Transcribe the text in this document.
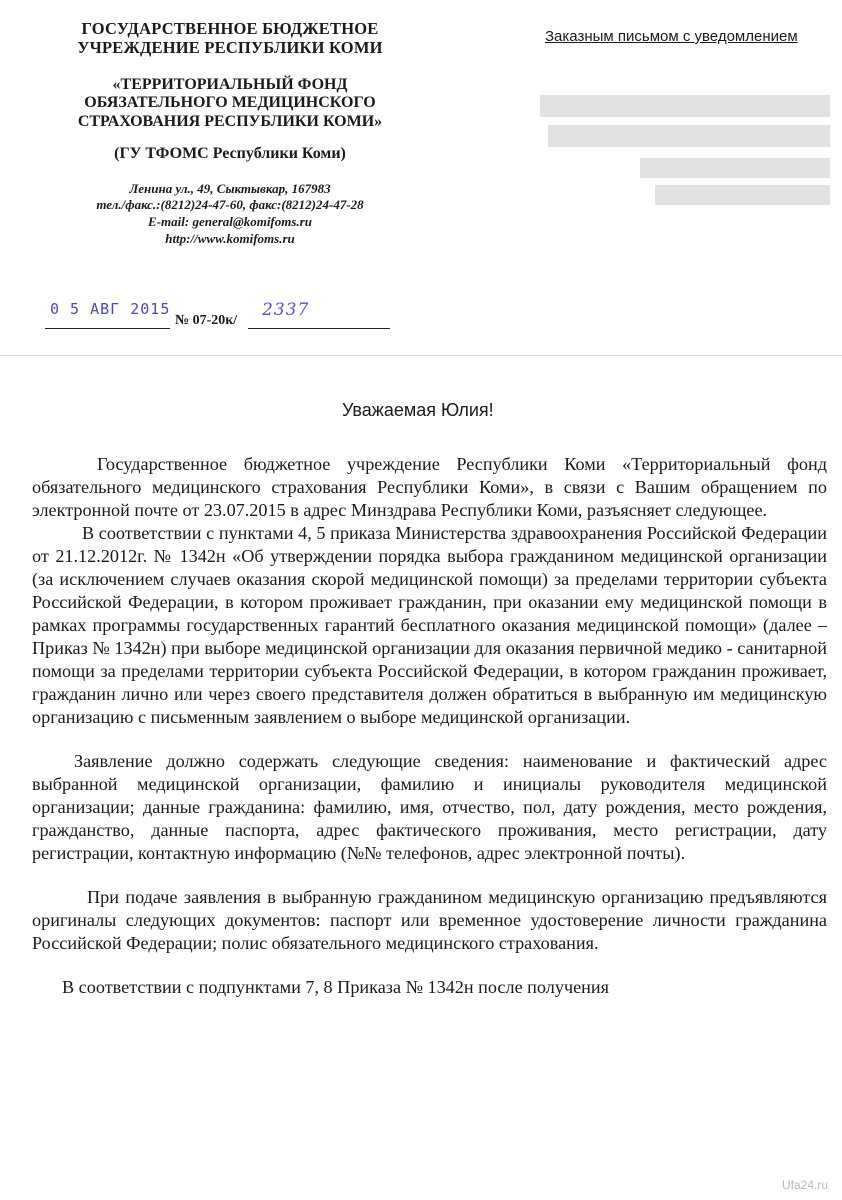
ГОСУДАРСТВЕННОЕ БЮДЖЕТНОЕ
УЧРЕЖДЕНИЕ РЕСПУБЛИКИ КОМИ
«ТЕРРИТОРИАЛЬНЫЙ ФОНД
ОБЯЗАТЕЛЬНОГО МЕДИЦИНСКОГО
СТРАХОВАНИЯ РЕСПУБЛИКИ КОМИ»
(ГУ ТФОМС Республики Коми)
Ленина ул., 49, Сыктывкар, 167983
тел./факс.:(8212)24-47-60, факс:(8212)24-47-28
E-mail: general@komifoms.ru
http://www.komifoms.ru
Заказным письмом с уведомлением
0 5 АВГ 2015
№ 07-20к/
2337
Уважаемая Юлия!

Государственное бюджетное учреждение Республики Коми «Территориальный фонд обязательного медицинского страхования Республики Коми», в связи с Вашим обращением по электронной почте от 23.07.2015 в адрес Минздрава Республики Коми, разъясняет следующее.

В соответствии с пунктами 4, 5 приказа Министерства здравоохранения Российской Федерации от 21.12.2012г. № 1342н «Об утверждении порядка выбора гражданином медицинской организации (за исключением случаев оказания скорой медицинской помощи) за пределами территории субъекта Российской Федерации, в котором проживает гражданин, при оказании ему медицинской помощи в рамках программы государственных гарантий бесплатного оказания медицинской помощи» (далее – Приказ № 1342н) при выборе медицинской организации для оказания первичной медико - санитарной помощи за пределами территории субъекта Российской Федерации, в котором гражданин проживает, гражданин лично или через своего представителя должен обратиться в выбранную им медицинскую организацию с письменным заявлением о выборе медицинской организации.

Заявление должно содержать следующие сведения: наименование и фактический адрес выбранной медицинской организации, фамилию и инициалы руководителя медицинской организации; данные гражданина: фамилию, имя, отчество, пол, дату рождения, место рождения, гражданство, данные паспорта, адрес фактического проживания, место регистрации, дату регистрации, контактную информацию (№№ телефонов, адрес электронной почты).

При подаче заявления в выбранную гражданином медицинскую организацию предъявляются оригиналы следующих документов: паспорт или временное удостоверение личности гражданина Российской Федерации; полис обязательного медицинского страхования.

В соответствии с подпунктами 7, 8 Приказа № 1342н после получения

Ufa24.ru
